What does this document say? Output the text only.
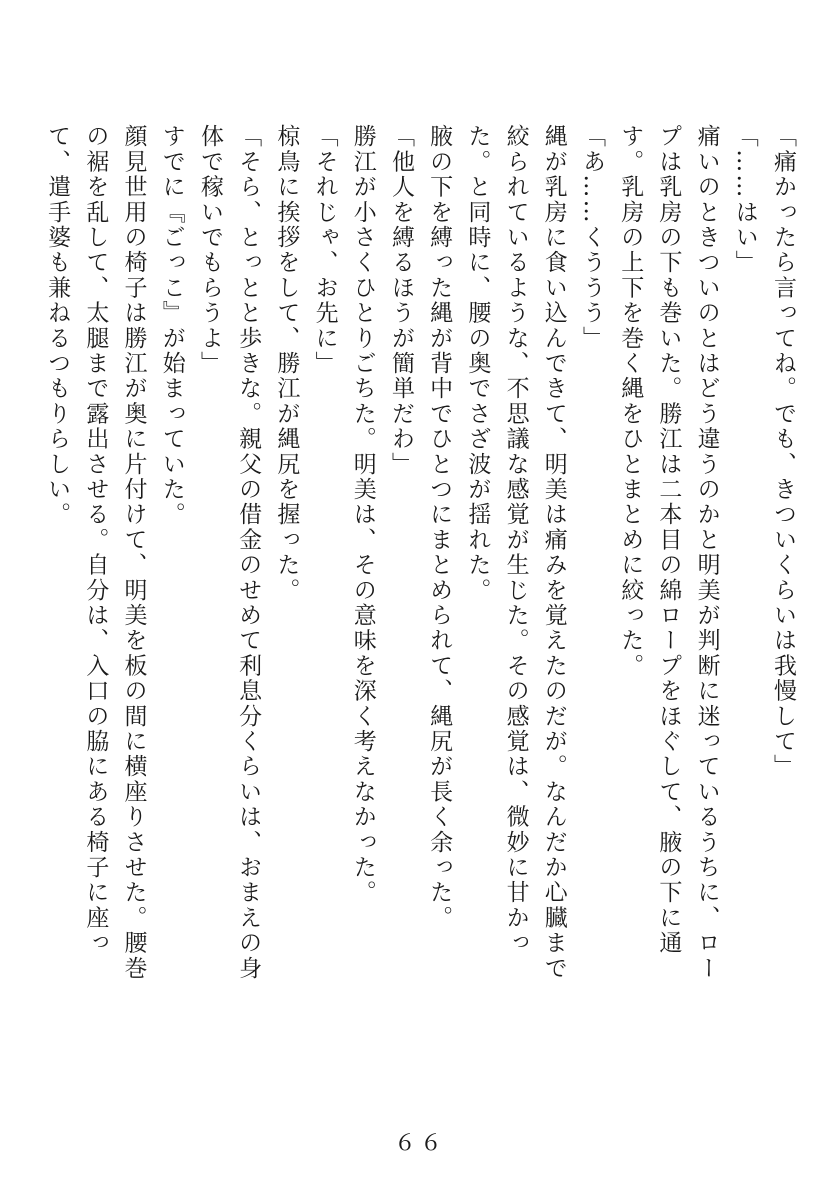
「痛かったら言ってね。でも、きついくらいは我慢して」

「……はい」

痛いのときついのとはどう違うのかと明美が判断に迷っているうちに、ロープは乳房の下も巻いた。勝江は二本目の綿ロープをほぐして、腋の下に通す。乳房の上下を巻く縄をひとまとめに絞った。

「あ……くううう」

縄が乳房に食い込んできて、明美は痛みを覚えたのだが。なんだか心臓まで絞られているような、不思議な感覚が生じた。その感覚は、微妙に甘かった。と同時に、腰の奥でさざ波が揺れた。

腋の下を縛った縄が背中でひとつにまとめられて、縄尻が長く余った。

「他人を縛るほうが簡単だわ」

勝江が小さくひとりごちた。明美は、その意味を深く考えなかった。

「それじゃ、お先に」

椋鳥に挨拶をして、勝江が縄尻を握った。

「そら、とっとと歩きな。親父の借金のせめて利息分くらいは、おまえの身体で稼いでもらうよ」

すでに『ごっこ』が始まっていた。

顔見世用の椅子は勝江が奥に片付けて、明美を板の間に横座りさせた。腰巻の裾を乱して、太腿まで露出させる。自分は、入口の脇にある椅子に座って、遣手婆も兼ねるつもりらしい。

６６
